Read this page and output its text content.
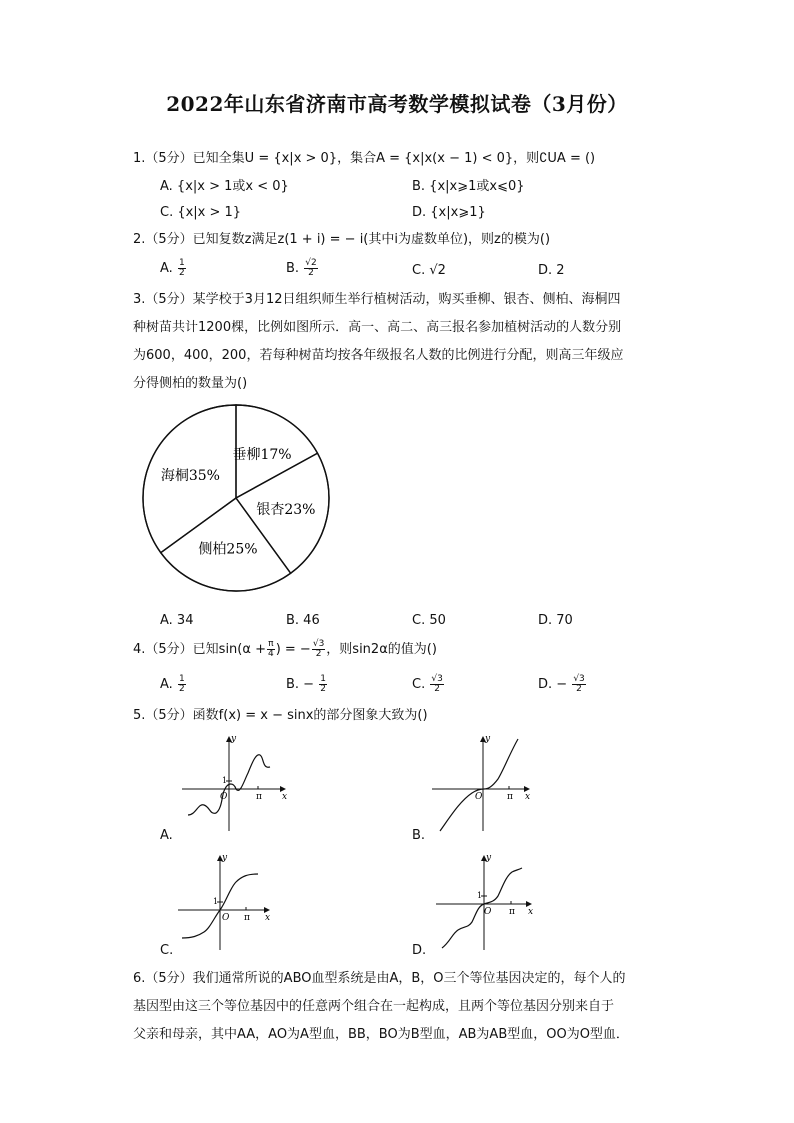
2022年山东省济南市高考数学模拟试卷（3月份）
1.（5分）已知全集U = {x|x > 0}，集合A = {x|x(x − 1) < 0}，则∁UA = ()
A. {x|x > 1或x < 0}	B. {x|x⩾1或x⩽0}
C. {x|x > 1}	D. {x|x⩾1}
2.（5分）已知复数z满足z(1 + i) = − i(其中i为虚数单位)，则z的模为()
A. $\frac{1}{2}$	B. $\frac{√2}{2}$	C. √2	D. 2
3.（5分）某学校于3月12日组织师生举行植树活动，购买垂柳、银杏、侧柏、海桐四
种树苗共计1200棵，比例如图所示．高一、高二、高三报名参加植树活动的人数分别
为600，400，200，若每种树苗均按各年级报名人数的比例进行分配，则高三年级应
分得侧柏的数量为()
垂柳17%
银杏23%
侧柏25%
海桐35%
A. 34	B. 46	C. 50	D. 70
4.（5分）已知$\sin(\alpha + \frac{\pi}{4}$ ) = − $\frac{√3}{2}$ ，则sin2α的值为()
A. $\frac{1}{2}$	B. − $\frac{1}{2}$	C. $\frac{√3}{2}$	D. − $\frac{√3}{2}$
5.（5分）函数f(x) = x − sinx的部分图象大致为()
y
x
O
1
π
A.
y
x
O	π
B.
y
x
O
1
π
C.
y
x
O
1
π
D.
6.（5分）我们通常所说的ABO血型系统是由A，B，O三个等位基因决定的，每个人的
基因型由这三个等位基因中的任意两个组合在一起构成，且两个等位基因分别来自于
父亲和母亲，其中AA，AO为A型血，BB，BO为B型血，AB为AB型血，OO为O型血．
